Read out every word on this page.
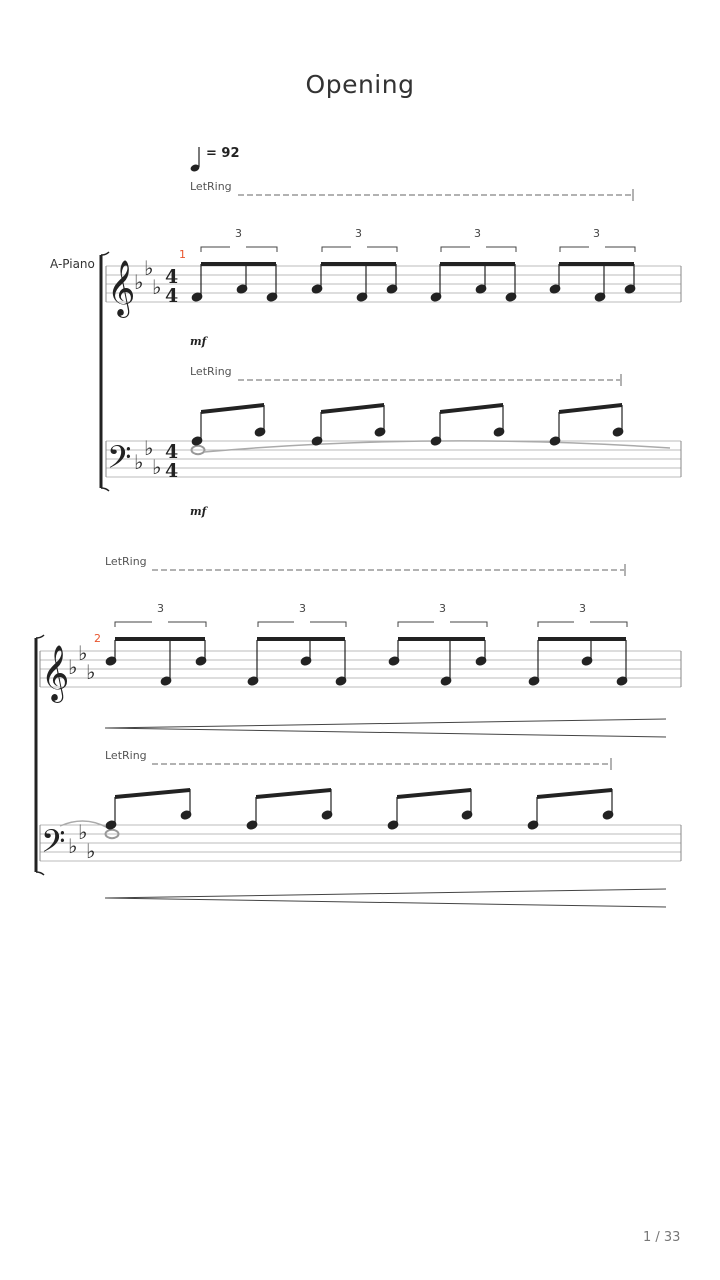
Opening
= 92
LetRing
A-Piano
1
3	3	3	3
mf
LetRing
mf
LetRing
2
3	3	3	3
LetRing
1 / 33
𝄞
𝄢
♭
♭
♭ 4
4
♭
♭
♭
4
4
𝄞
𝄢
♭
♭
♭
♭
♭
♭
